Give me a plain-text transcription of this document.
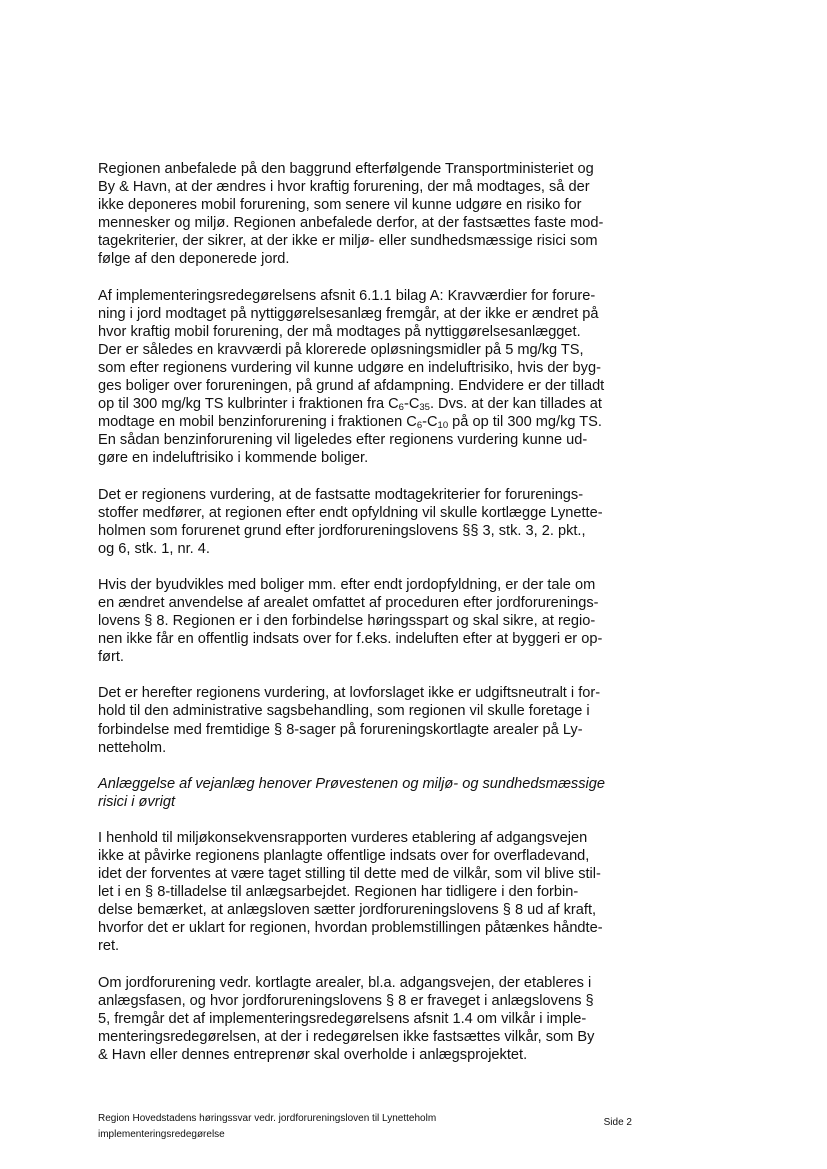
Regionen anbefalede på den baggrund efterfølgende Transportministeriet og
By & Havn, at der ændres i hvor kraftig forurening, der må modtages, så der
ikke deponeres mobil forurening, som senere vil kunne udgøre en risiko for
mennesker og miljø. Regionen anbefalede derfor, at der fastsættes faste mod-
tagekriterier, der sikrer, at der ikke er miljø- eller sundhedsmæssige risici som
følge af den deponerede jord.

Af implementeringsredegørelsens afsnit 6.1.1 bilag A: Kravværdier for forure-
ning i jord modtaget på nyttiggørelsesanlæg fremgår, at der ikke er ændret på
hvor kraftig mobil forurening, der må modtages på nyttiggørelsesanlægget.
Der er således en kravværdi på klorerede opløsningsmidler på 5 mg/kg TS,
som efter regionens vurdering vil kunne udgøre en indeluftrisiko, hvis der byg-
ges boliger over forureningen, på grund af afdampning. Endvidere er der tilladt
op til 300 mg/kg TS kulbrinter i fraktionen fra $C_6-C_{35}$. Dvs. at der kan tillades at
modtage en mobil benzinforurening i fraktionen $C_6-C_{10}$ på op til 300 mg/kg TS.
En sådan benzinforurening vil ligeledes efter regionens vurdering kunne ud-
gøre en indeluftrisiko i kommende boliger.

Det er regionens vurdering, at de fastsatte modtagekriterier for forurenings-
stoffer medfører, at regionen efter endt opfyldning vil skulle kortlægge Lynette-
holmen som forurenet grund efter jordforureningslovens §§ 3, stk. 3, 2. pkt.,
og 6, stk. 1, nr. 4.

Hvis der byudvikles med boliger mm. efter endt jordopfyldning, er der tale om
en ændret anvendelse af arealet omfattet af proceduren efter jordforurenings-
lovens § 8. Regionen er i den forbindelse høringsspart og skal sikre, at regio-
nen ikke får en offentlig indsats over for f.eks. indeluften efter at byggeri er op-
ført.

Det er herefter regionens vurdering, at lovforslaget ikke er udgiftsneutralt i for-
hold til den administrative sagsbehandling, som regionen vil skulle foretage i
forbindelse med fremtidige § 8-sager på forureningskortlagte arealer på Ly-
netteholm.

Anlæggelse af vejanlæg henover Prøvestenen og miljø- og sundhedsmæssige
risici i øvrigt

I henhold til miljøkonsekvensrapporten vurderes etablering af adgangsvejen
ikke at påvirke regionens planlagte offentlige indsats over for overfladevand,
idet der forventes at være taget stilling til dette med de vilkår, som vil blive stil-
let i en § 8-tilladelse til anlægsarbejdet. Regionen har tidligere i den forbin-
delse bemærket, at anlægsloven sætter jordforureningslovens § 8 ud af kraft,
hvorfor det er uklart for regionen, hvordan problemstillingen påtænkes håndte-
ret.

Om jordforurening vedr. kortlagte arealer, bl.a. adgangsvejen, der etableres i
anlægsfasen, og hvor jordforureningslovens § 8 er fraveget i anlægslovens §
5, fremgår det af implementeringsredegørelsens afsnit 1.4 om vilkår i imple-
menteringsredegørelsen, at der i redegørelsen ikke fastsættes vilkår, som By
& Havn eller dennes entreprenør skal overholde i anlægsprojektet.

Region Hovedstadens høringssvar vedr. jordforureningsloven til Lynetteholm
implementeringsredegørelse
Side 2
